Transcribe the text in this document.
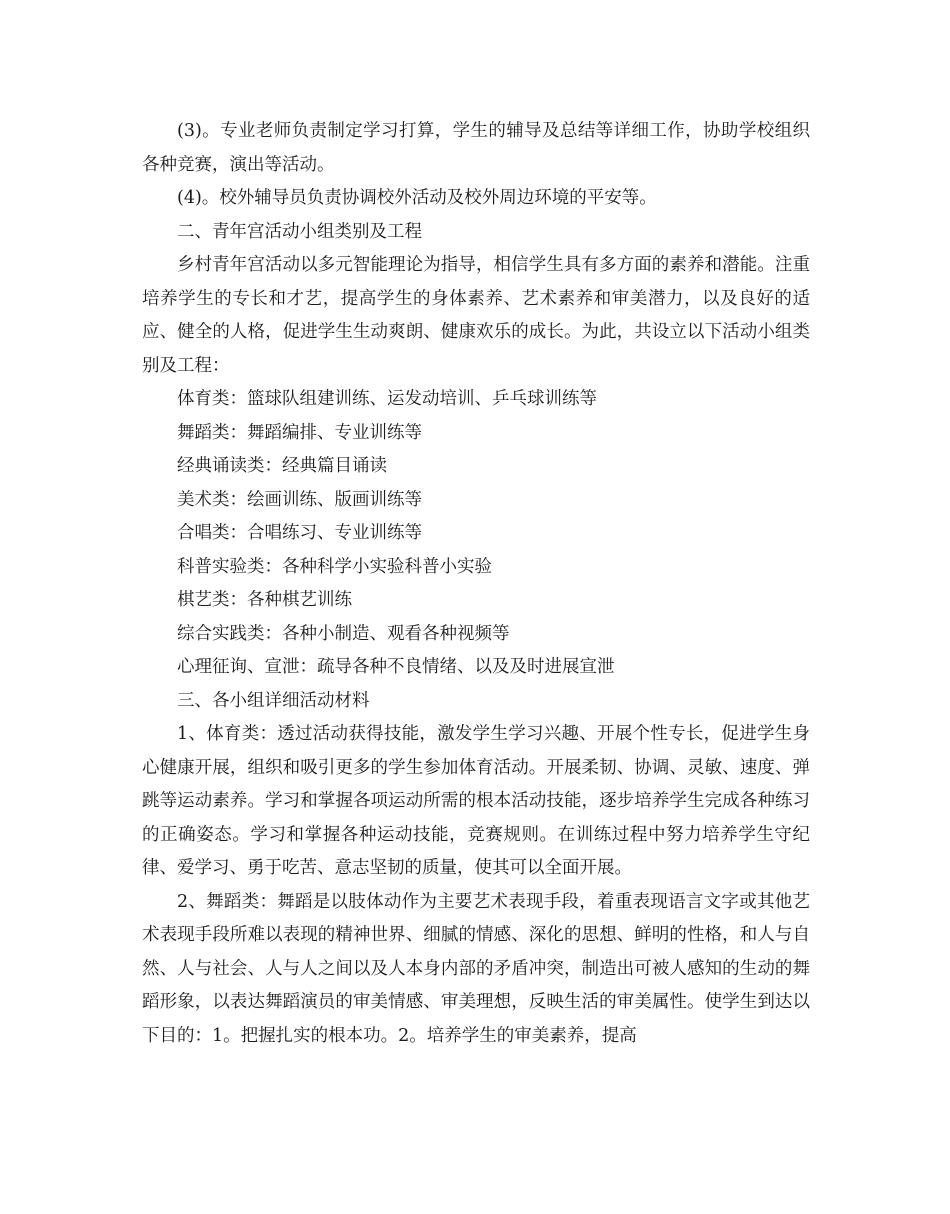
(3)。专业老师负责制定学习打算，学生的辅导及总结等详细工作，协助学校组织各种竞赛，演出等活动。

(4)。校外辅导员负责协调校外活动及校外周边环境的平安等。

二、青年宫活动小组类别及工程

乡村青年宫活动以多元智能理论为指导，相信学生具有多方面的素养和潜能。注重培养学生的专长和才艺，提高学生的身体素养、艺术素养和审美潜力，以及良好的适应、健全的人格，促进学生生动爽朗、健康欢乐的成长。为此，共设立以下活动小组类别及工程：

体育类：篮球队组建训练、运发动培训、乒乓球训练等

舞蹈类：舞蹈编排、专业训练等

经典诵读类：经典篇目诵读

美术类：绘画训练、版画训练等

合唱类：合唱练习、专业训练等

科普实验类：各种科学小实验科普小实验

棋艺类：各种棋艺训练

综合实践类：各种小制造、观看各种视频等

心理征询、宣泄：疏导各种不良情绪、以及及时进展宣泄

三、各小组详细活动材料

1、体育类：透过活动获得技能，激发学生学习兴趣、开展个性专长，促进学生身心健康开展，组织和吸引更多的学生参加体育活动。开展柔韧、协调、灵敏、速度、弹跳等运动素养。学习和掌握各项运动所需的根本活动技能，逐步培养学生完成各种练习的正确姿态。学习和掌握各种运动技能，竞赛规则。在训练过程中努力培养学生守纪律、爱学习、勇于吃苦、意志坚韧的质量，使其可以全面开展。

2、舞蹈类：舞蹈是以肢体动作为主要艺术表现手段，着重表现语言文字或其他艺术表现手段所难以表现的精神世界、细腻的情感、深化的思想、鲜明的性格，和人与自然、人与社会、人与人之间以及人本身内部的矛盾冲突，制造出可被人感知的生动的舞蹈形象，以表达舞蹈演员的审美情感、审美理想，反映生活的审美属性。使学生到达以下目的：1。把握扎实的根本功。2。培养学生的审美素养，提高
